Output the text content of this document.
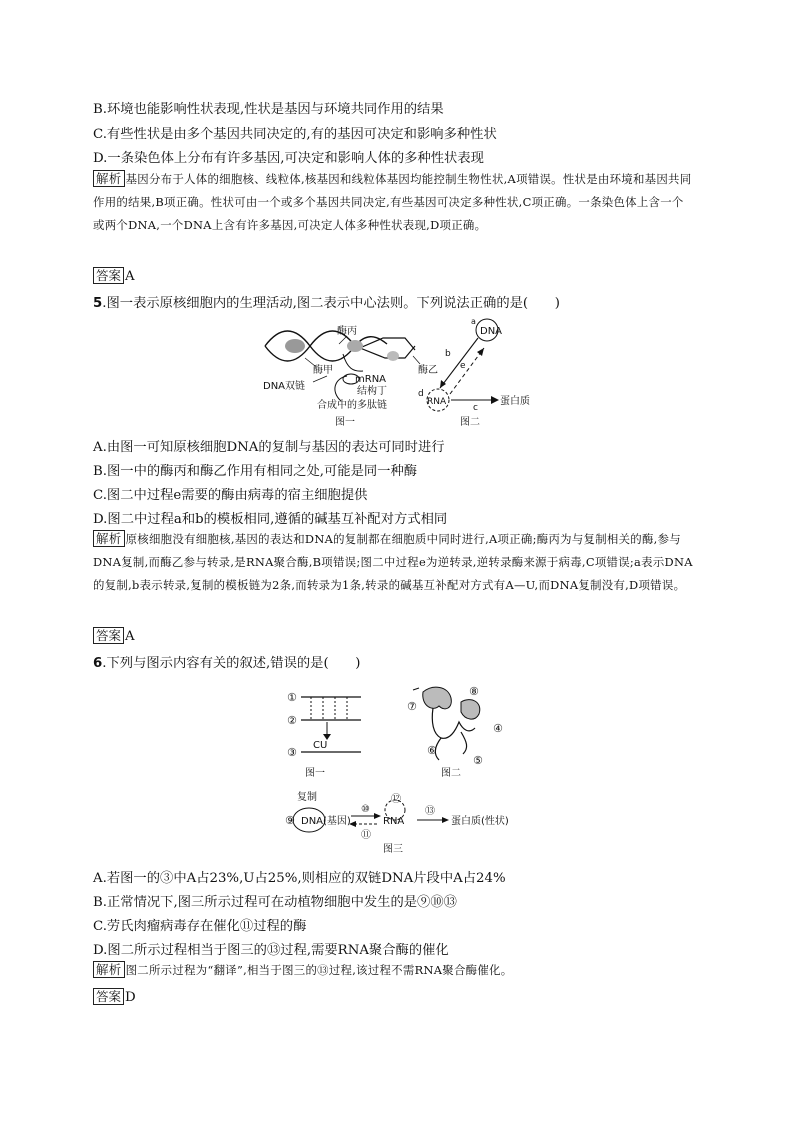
B.环境也能影响性状表现,性状是基因与环境共同作用的结果
C.有些性状是由多个基因共同决定的,有的基因可决定和影响多种性状
D.一条染色体上分布有许多基因,可决定和影响人体的多种性状表现
解析 基因分布于人体的细胞核、线粒体,核基因和线粒体基因均能控制生物性状,A项错误。性状是由环境和基因共同作用的结果,B项正确。性状可由一个或多个基因共同决定,有些基因可决定多种性状,C项正确。一条染色体上含一个或两个DNA,一个DNA上含有许多基因,可决定人体多种性状表现,D项正确。
答案 A
5.图一表示原核细胞内的生理活动,图二表示中心法则。下列说法正确的是(　　)
酶丙
酶甲	酶乙
DNA双链
mRNA
结构丁
合成中的多肽链
图一
a
DNA
b
e
d
RNA
c
蛋白质
图二
A.由图一可知原核细胞DNA的复制与基因的表达可同时进行
B.图一中的酶丙和酶乙作用有相同之处,可能是同一种酶
C.图二中过程e需要的酶由病毒的宿主细胞提供
D.图二中过程a和b的模板相同,遵循的碱基互补配对方式相同
解析 原核细胞没有细胞核,基因的表达和DNA的复制都在细胞质中同时进行,A项正确;酶丙为与复制相关的酶,参与DNA复制,而酶乙参与转录,是RNA聚合酶,B项错误;图二中过程e为逆转录,逆转录酶来源于病毒,C项错误;a表示DNA的复制,b表示转录,复制的模板链为2条,而转录为1条,转录的碱基互补配对方式有A—U,而DNA复制没有,D项错误。
答案 A
6.下列与图示内容有关的叙述,错误的是(　　)
①
②
CU
③
图一
⑦
⑧
④
⑥
⑤
图二
复制
⑨ DNA(基因)
⑩
⑪
⑫
RNA
⑬
蛋白质(性状)
图三
A.若图一的③中A占23%,U占25%,则相应的双链DNA片段中A占24%
B.正常情况下,图三所示过程可在动植物细胞中发生的是⑨⑩⑬
C.劳氏肉瘤病毒存在催化⑪过程的酶
D.图二所示过程相当于图三的⑬过程,需要RNA聚合酶的催化
解析 图二所示过程为“翻译”,相当于图三的⑬过程,该过程不需RNA聚合酶催化。
答案 D
